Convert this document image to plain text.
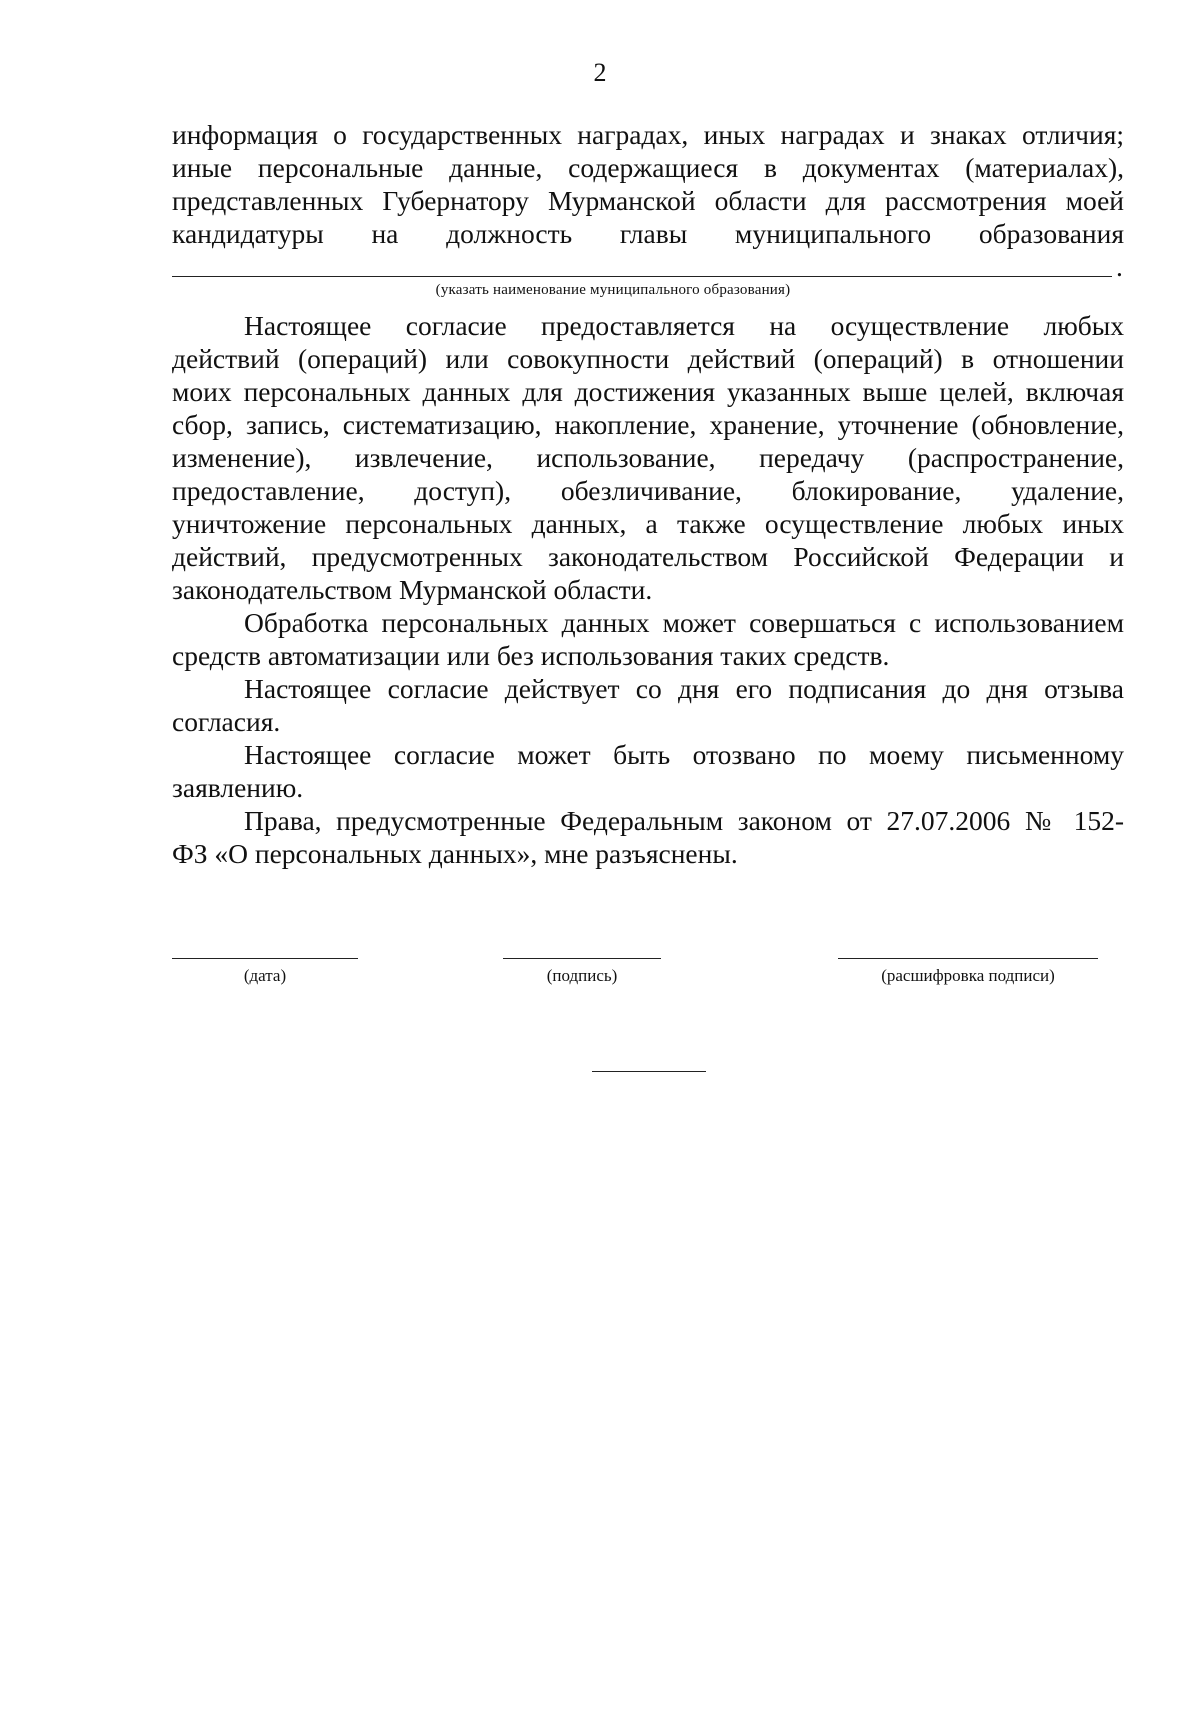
2
информация о государственных наградах, иных наградах и знаках отличия;
иные персональные данные, содержащиеся в документах (материалах),
представленных Губернатору Мурманской области для рассмотрения моей
кандидатуры на должность главы муниципального образования
.
(указать наименование муниципального образования)
Настоящее согласие предоставляется на осуществление любых
действий (операций) или совокупности действий (операций) в отношении
моих персональных данных для достижения указанных выше целей, включая
сбор, запись, систематизацию, накопление, хранение, уточнение (обновление,
изменение), извлечение, использование, передачу (распространение,
предоставление, доступ), обезличивание, блокирование, удаление,
уничтожение персональных данных, а также осуществление любых иных
действий, предусмотренных законодательством Российской Федерации и
законодательством Мурманской области.
Обработка персональных данных может совершаться с использованием
средств автоматизации или без использования таких средств.
Настоящее согласие действует со дня его подписания до дня отзыва
согласия.
Настоящее согласие может быть отозвано по моему письменному
заявлению.
Права, предусмотренные Федеральным законом от 27.07.2006 № 152-
ФЗ «О персональных данных», мне разъяснены.
(дата)	(подпись)	(расшифровка подписи)
